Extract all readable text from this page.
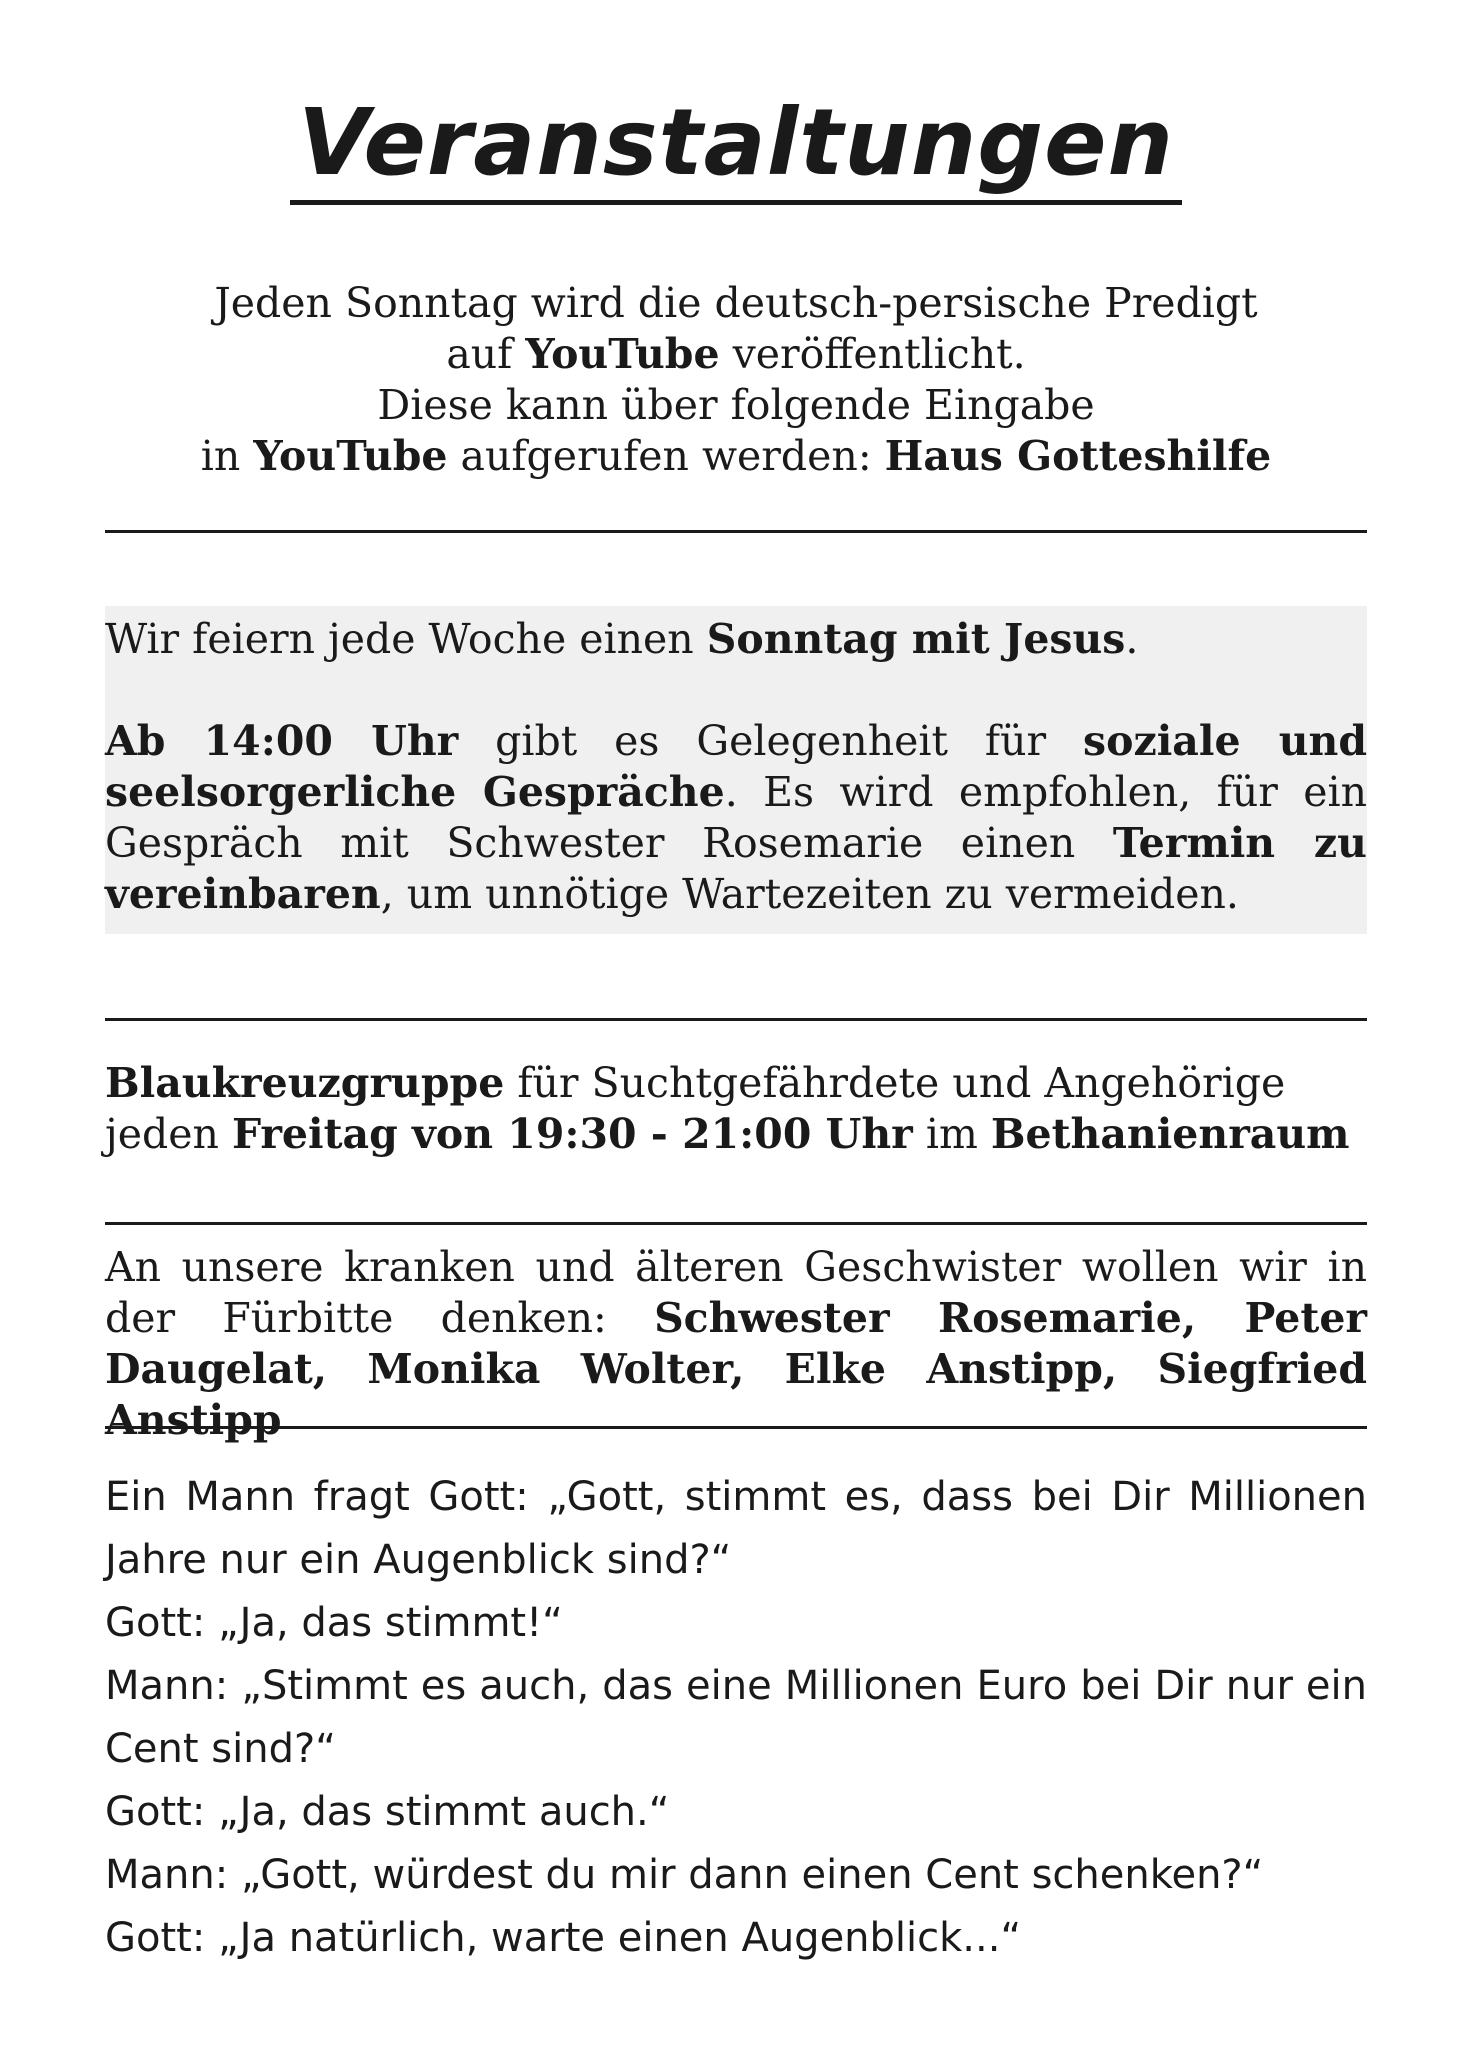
Veranstaltungen

Jeden Sonntag wird die deutsch-persische Predigt

auf YouTube veröffentlicht.

Diese kann über folgende Eingabe

in YouTube aufgerufen werden: Haus Gotteshilfe

Wir feiern jede Woche einen Sonntag mit Jesus.

Ab 14:00 Uhr gibt es Gelegenheit für soziale und seelsorgerliche Gespräche. Es wird empfohlen, für ein Gespräch mit Schwester Rosemarie einen Termin zu vereinbaren, um unnötige Wartezeiten zu vermeiden.

Blaukreuzgruppe für Suchtgefährdete und Angehörige

jeden Freitag von 19:30 - 21:00 Uhr im Bethanienraum

An unsere kranken und älteren Geschwister wollen wir in der Fürbitte denken: Schwester Rosemarie, Peter Daugelat, Monika Wolter, Elke Anstipp, Siegfried Anstipp

Ein Mann fragt Gott: „Gott, stimmt es, dass bei Dir Millionen Jahre nur ein Augenblick sind?“

Gott: „Ja, das stimmt!“

Mann: „Stimmt es auch, das eine Millionen Euro bei Dir nur ein Cent sind?“

Gott: „Ja, das stimmt auch.“

Mann: „Gott, würdest du mir dann einen Cent schenken?“

Gott: „Ja natürlich, warte einen Augenblick...“
